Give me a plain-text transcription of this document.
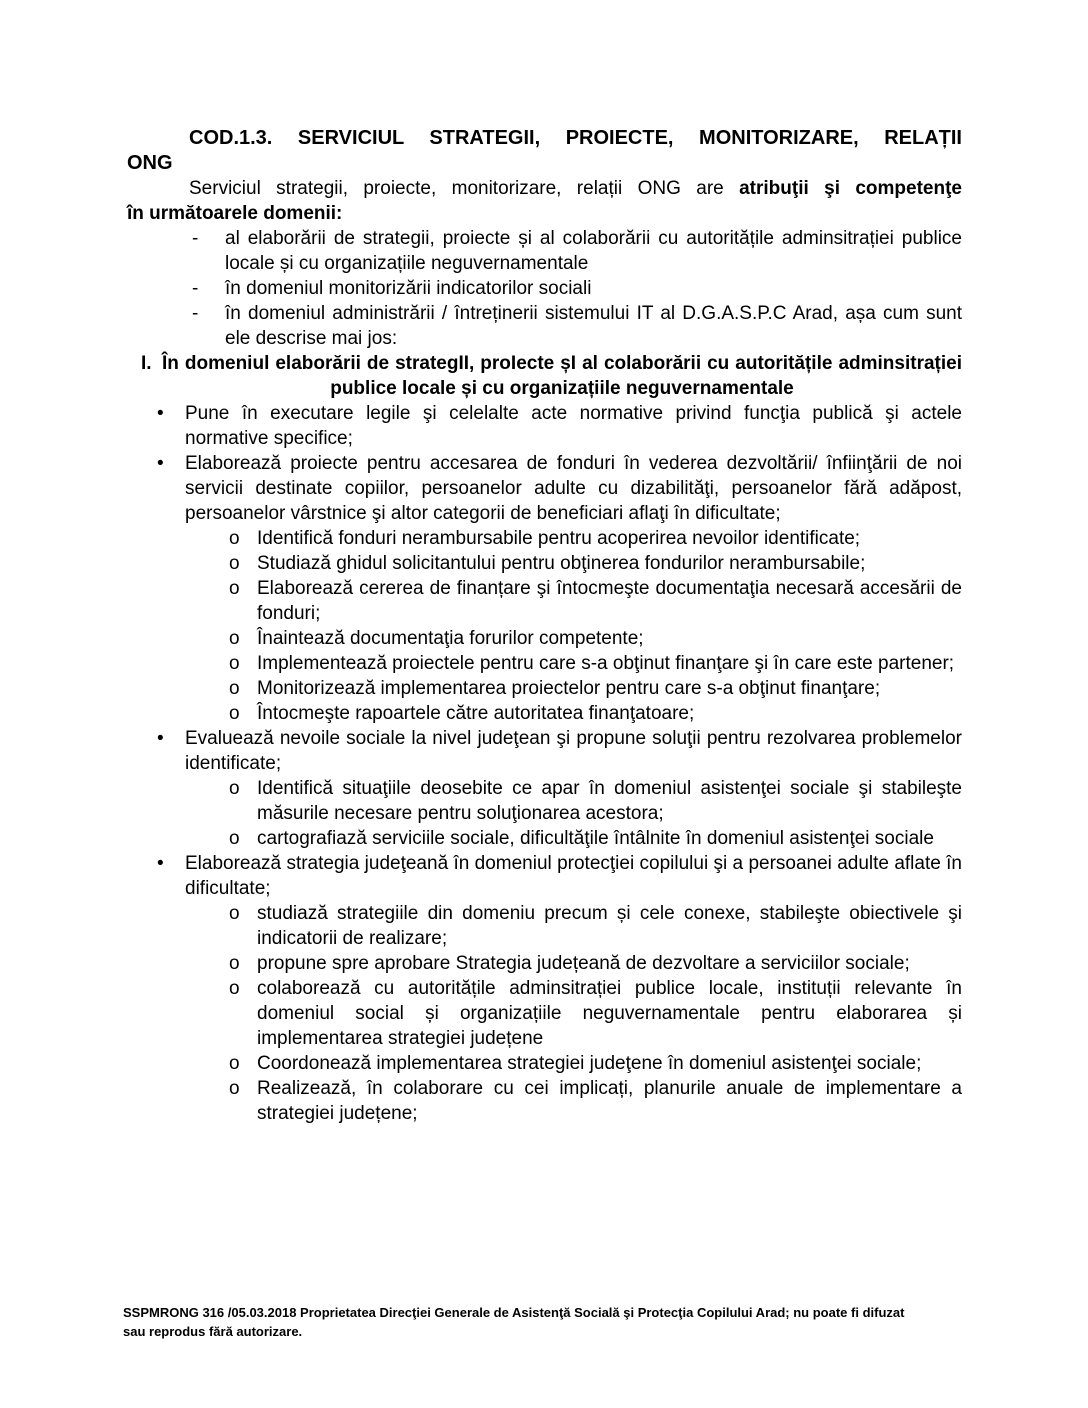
COD.1.3. SERVICIUL STRATEGII, PROIECTE, MONITORIZARE, RELAȚII
ONG

Serviciul strategii, proiecte, monitorizare, relații ONG are atribuţii şi competenţe

în următoarele domenii:
- al elaborării de strategii, proiecte și al colaborării cu autoritățile adminsitrației publice locale și cu organizațiile neguvernamentale
- în domeniul monitorizării indicatorilor sociali
- în domeniul administrării / întreținerii sistemului IT al D.G.A.S.P.C Arad, așa cum sunt ele descrise mai jos:
I. În domeniul elaborării de strategII, proIecte șI al colaborării cu autoritățile adminsitrației publice locale și cu organizațiile neguvernamentale
• Pune în executare legile şi celelalte acte normative privind funcţia publică şi actele normative specifice;
• Elaborează proiecte pentru accesarea de fonduri în vederea dezvoltării/ înfiinţării de noi servicii destinate copiilor, persoanelor adulte cu dizabilităţi, persoanelor fără adăpost, persoanelor vârstnice şi altor categorii de beneficiari aflaţi în dificultate;
o Identifică fonduri nerambursabile pentru acoperirea nevoilor identificate;
o Studiază ghidul solicitantului pentru obţinerea fondurilor nerambursabile;
o Elaborează cererea de finanțare şi întocmeşte documentaţia necesară accesării de fonduri;
o Înaintează documentaţia forurilor competente;
o Implementează proiectele pentru care s-a obţinut finanţare şi în care este partener;
o Monitorizează implementarea proiectelor pentru care s-a obţinut finanţare;
o Întocmeşte rapoartele către autoritatea finanţatoare;
• Evaluează nevoile sociale la nivel judeţean şi propune soluţii pentru rezolvarea problemelor identificate;
o Identifică situaţiile deosebite ce apar în domeniul asistenţei sociale şi stabileşte măsurile necesare pentru soluţionarea acestora;
o cartografiază serviciile sociale, dificultăţile întâlnite în domeniul asistenţei sociale
• Elaborează strategia judeţeană în domeniul protecţiei copilului şi a persoanei adulte aflate în dificultate;
o studiază strategiile din domeniu precum și cele conexe, stabileşte obiectivele şi indicatorii de realizare;
o propune spre aprobare Strategia județeană de dezvoltare a serviciilor sociale;
o colaborează cu autoritățile adminsitrației publice locale, instituții relevante în domeniul social și organizațiile neguvernamentale pentru elaborarea și implementarea strategiei județene
o Coordonează implementarea strategiei judeţene în domeniul asistenţei sociale;
o Realizează, în colaborare cu cei implicați, planurile anuale de implementare a strategiei județene;
SSPMRONG 316 /05.03.2018 Proprietatea Direcţiei Generale de Asistenţă Socială şi Protecţia Copilului Arad; nu poate fi difuzat
sau reprodus fără autorizare.
